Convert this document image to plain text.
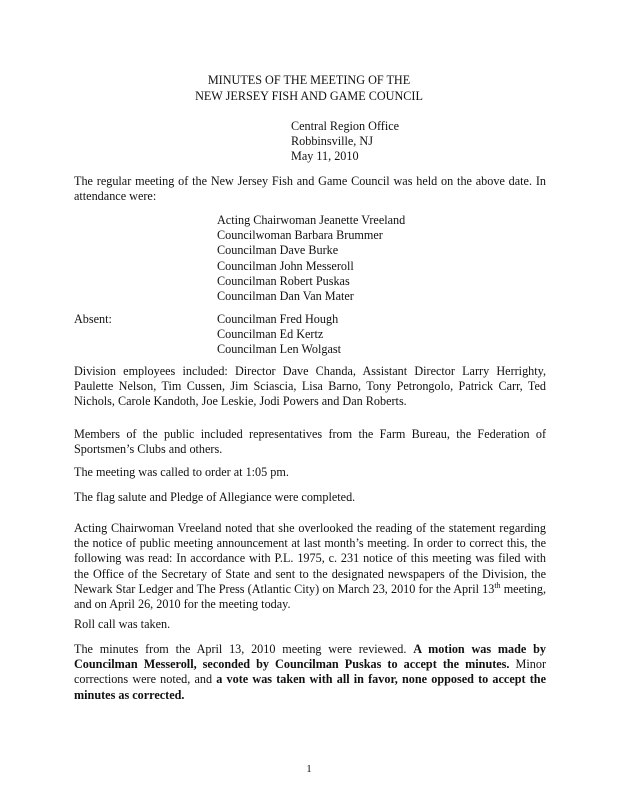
MINUTES OF THE MEETING OF THE
NEW JERSEY FISH AND GAME COUNCIL
Central Region Office
Robbinsville, NJ
May 11, 2010
The regular meeting of the New Jersey Fish and Game Council was held on the above date. In attendance were:
Acting Chairwoman Jeanette Vreeland
Councilwoman Barbara Brummer
Councilman Dave Burke
Councilman John Messeroll
Councilman Robert Puskas
Councilman Dan Van Mater
Absent:	Councilman Fred Hough
Councilman Ed Kertz
Councilman Len Wolgast
Division employees included: Director Dave Chanda, Assistant Director Larry Herrighty, Paulette Nelson, Tim Cussen, Jim Sciascia, Lisa Barno, Tony Petrongolo, Patrick Carr, Ted Nichols, Carole Kandoth, Joe Leskie, Jodi Powers and Dan Roberts.
Members of the public included representatives from the Farm Bureau, the Federation of Sportsmen’s Clubs and others.
The meeting was called to order at 1:05 pm.
The flag salute and Pledge of Allegiance were completed.
Acting Chairwoman Vreeland noted that she overlooked the reading of the statement regarding the notice of public meeting announcement at last month’s meeting. In order to correct this, the following was read: In accordance with P.L. 1975, c. 231 notice of this meeting was filed with the Office of the Secretary of State and sent to the designated newspapers of the Division, the Newark Star Ledger and The Press (Atlantic City) on March 23, 2010 for the April 13th meeting, and on April 26, 2010 for the meeting today.
Roll call was taken.
The minutes from the April 13, 2010 meeting were reviewed. A motion was made by Councilman Messeroll, seconded by Councilman Puskas to accept the minutes. Minor corrections were noted, and a vote was taken with all in favor, none opposed to accept the minutes as corrected.
1
